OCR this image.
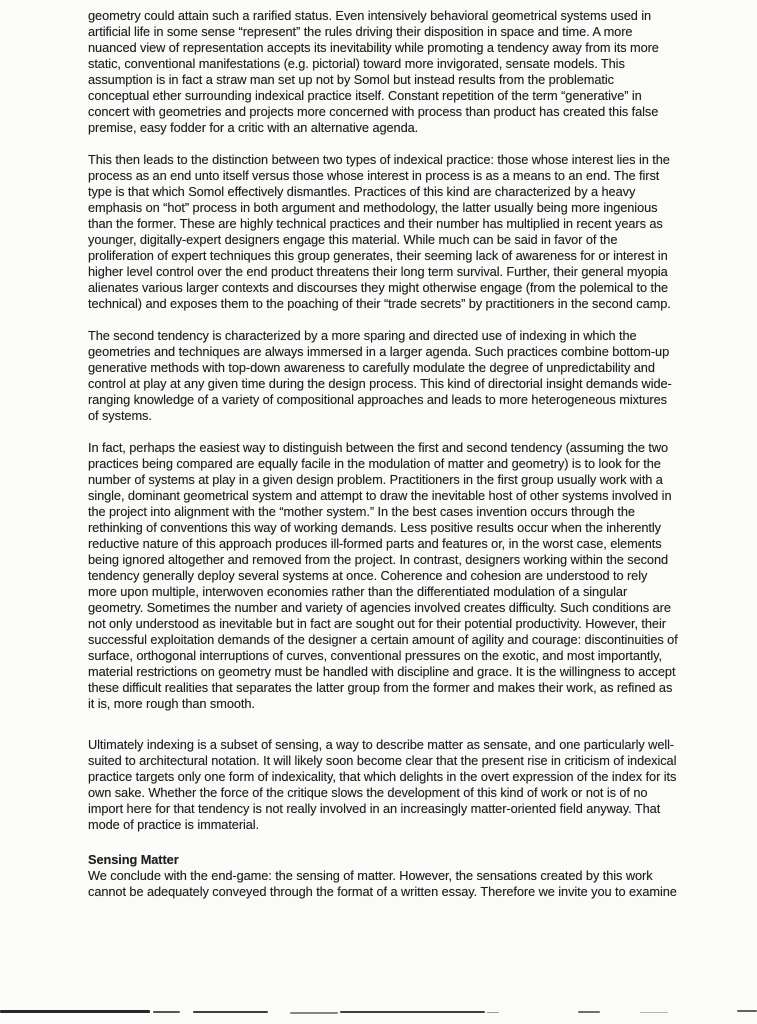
geometry could attain such a rarified status. Even intensively behavioral geometrical systems used in
artificial life in some sense “represent” the rules driving their disposition in space and time. A more
nuanced view of representation accepts its inevitability while promoting a tendency away from its more
static, conventional manifestations (e.g. pictorial) toward more invigorated, sensate models. This
assumption is in fact a straw man set up not by Somol but instead results from the problematic
conceptual ether surrounding indexical practice itself. Constant repetition of the term “generative” in
concert with geometries and projects more concerned with process than product has created this false
premise, easy fodder for a critic with an alternative agenda.
This then leads to the distinction between two types of indexical practice: those whose interest lies in the
process as an end unto itself versus those whose interest in process is as a means to an end. The first
type is that which Somol effectively dismantles. Practices of this kind are characterized by a heavy
emphasis on “hot” process in both argument and methodology, the latter usually being more ingenious
than the former. These are highly technical practices and their number has multiplied in recent years as
younger, digitally-expert designers engage this material. While much can be said in favor of the
proliferation of expert techniques this group generates, their seeming lack of awareness for or interest in
higher level control over the end product threatens their long term survival. Further, their general myopia
alienates various larger contexts and discourses they might otherwise engage (from the polemical to the
technical) and exposes them to the poaching of their “trade secrets” by practitioners in the second camp.
The second tendency is characterized by a more sparing and directed use of indexing in which the
geometries and techniques are always immersed in a larger agenda. Such practices combine bottom-up
generative methods with top-down awareness to carefully modulate the degree of unpredictability and
control at play at any given time during the design process. This kind of directorial insight demands wide-
ranging knowledge of a variety of compositional approaches and leads to more heterogeneous mixtures
of systems.
In fact, perhaps the easiest way to distinguish between the first and second tendency (assuming the two
practices being compared are equally facile in the modulation of matter and geometry) is to look for the
number of systems at play in a given design problem. Practitioners in the first group usually work with a
single, dominant geometrical system and attempt to draw the inevitable host of other systems involved in
the project into alignment with the “mother system.” In the best cases invention occurs through the
rethinking of conventions this way of working demands. Less positive results occur when the inherently
reductive nature of this approach produces ill-formed parts and features or, in the worst case, elements
being ignored altogether and removed from the project. In contrast, designers working within the second
tendency generally deploy several systems at once. Coherence and cohesion are understood to rely
more upon multiple, interwoven economies rather than the differentiated modulation of a singular
geometry. Sometimes the number and variety of agencies involved creates difficulty. Such conditions are
not only understood as inevitable but in fact are sought out for their potential productivity. However, their
successful exploitation demands of the designer a certain amount of agility and courage: discontinuities of
surface, orthogonal interruptions of curves, conventional pressures on the exotic, and most importantly,
material restrictions on geometry must be handled with discipline and grace. It is the willingness to accept
these difficult realities that separates the latter group from the former and makes their work, as refined as
it is, more rough than smooth.
Ultimately indexing is a subset of sensing, a way to describe matter as sensate, and one particularly well-
suited to architectural notation. It will likely soon become clear that the present rise in criticism of indexical
practice targets only one form of indexicality, that which delights in the overt expression of the index for its
own sake. Whether the force of the critique slows the development of this kind of work or not is of no
import here for that tendency is not really involved in an increasingly matter-oriented field anyway. That
mode of practice is immaterial.
Sensing Matter
We conclude with the end-game: the sensing of matter. However, the sensations created by this work
cannot be adequately conveyed through the format of a written essay. Therefore we invite you to examine
